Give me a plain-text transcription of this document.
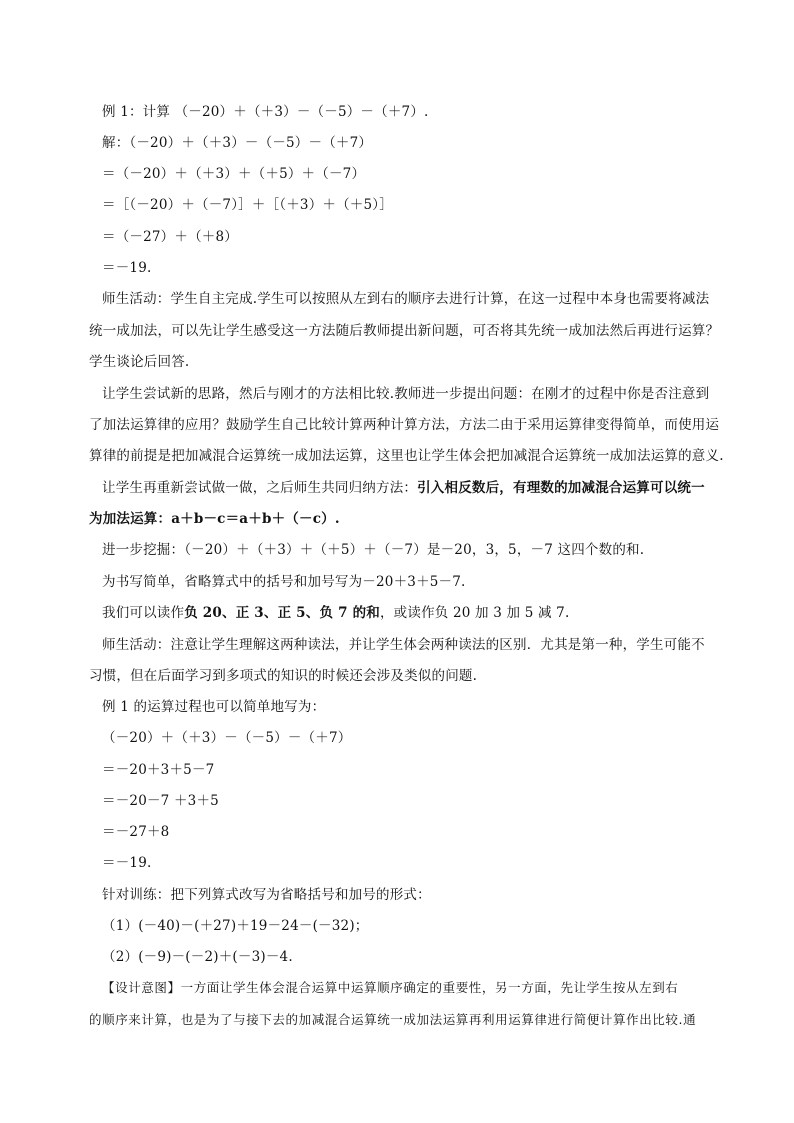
例 1：计算 （－20）＋（＋3）－（－5）－（＋7）.
解：（－20）＋（＋3）－（－5）－（＋7）
＝（－20）＋（＋3）＋（＋5）＋（－7）
＝［（－20）＋（－7）］＋［（＋3）＋（＋5）］
＝（－27）＋（＋8）
＝－19.
师生活动：学生自主完成.学生可以按照从左到右的顺序去进行计算，在这一过程中本身也需要将减法
统一成加法，可以先让学生感受这一方法随后教师提出新问题，可否将其先统一成加法然后再进行运算？
学生谈论后回答.
让学生尝试新的思路，然后与刚才的方法相比较.教师进一步提出问题：在刚才的过程中你是否注意到
了加法运算律的应用？鼓励学生自己比较计算两种计算方法，方法二由于采用运算律变得简单，而使用运
算律的前提是把加减混合运算统一成加法运算，这里也让学生体会把加减混合运算统一成加法运算的意义.
让学生再重新尝试做一做，之后师生共同归纳方法：引入相反数后，有理数的加减混合运算可以统一
为加法运算：a＋b－c＝a＋b＋（－c）.
进一步挖掘：（－20）＋（＋3）＋（＋5）＋（－7）是－20，3，5，－7 这四个数的和.
为书写简单，省略算式中的括号和加号写为－20＋3＋5－7.
我们可以读作负 20、正 3、正 5、负 7 的和，或读作负 20 加 3 加 5 减 7.
师生活动：注意让学生理解这两种读法，并让学生体会两种读法的区别．尤其是第一种，学生可能不
习惯，但在后面学习到多项式的知识的时候还会涉及类似的问题.
例 1 的运算过程也可以简单地写为：
（－20）＋（＋3）－（－5）－（＋7）
＝－20＋3＋5－7
＝－20－7 ＋3＋5
＝－27＋8
＝－19.
针对训练：把下列算式改写为省略括号和加号的形式：
（1）(－40)－(＋27)＋19－24－(－32)；
（2）(－9)－(－2)＋(－3)－4.
【设计意图】一方面让学生体会混合运算中运算顺序确定的重要性，另一方面，先让学生按从左到右
的顺序来计算，也是为了与接下去的加减混合运算统一成加法运算再利用运算律进行简便计算作出比较.通
